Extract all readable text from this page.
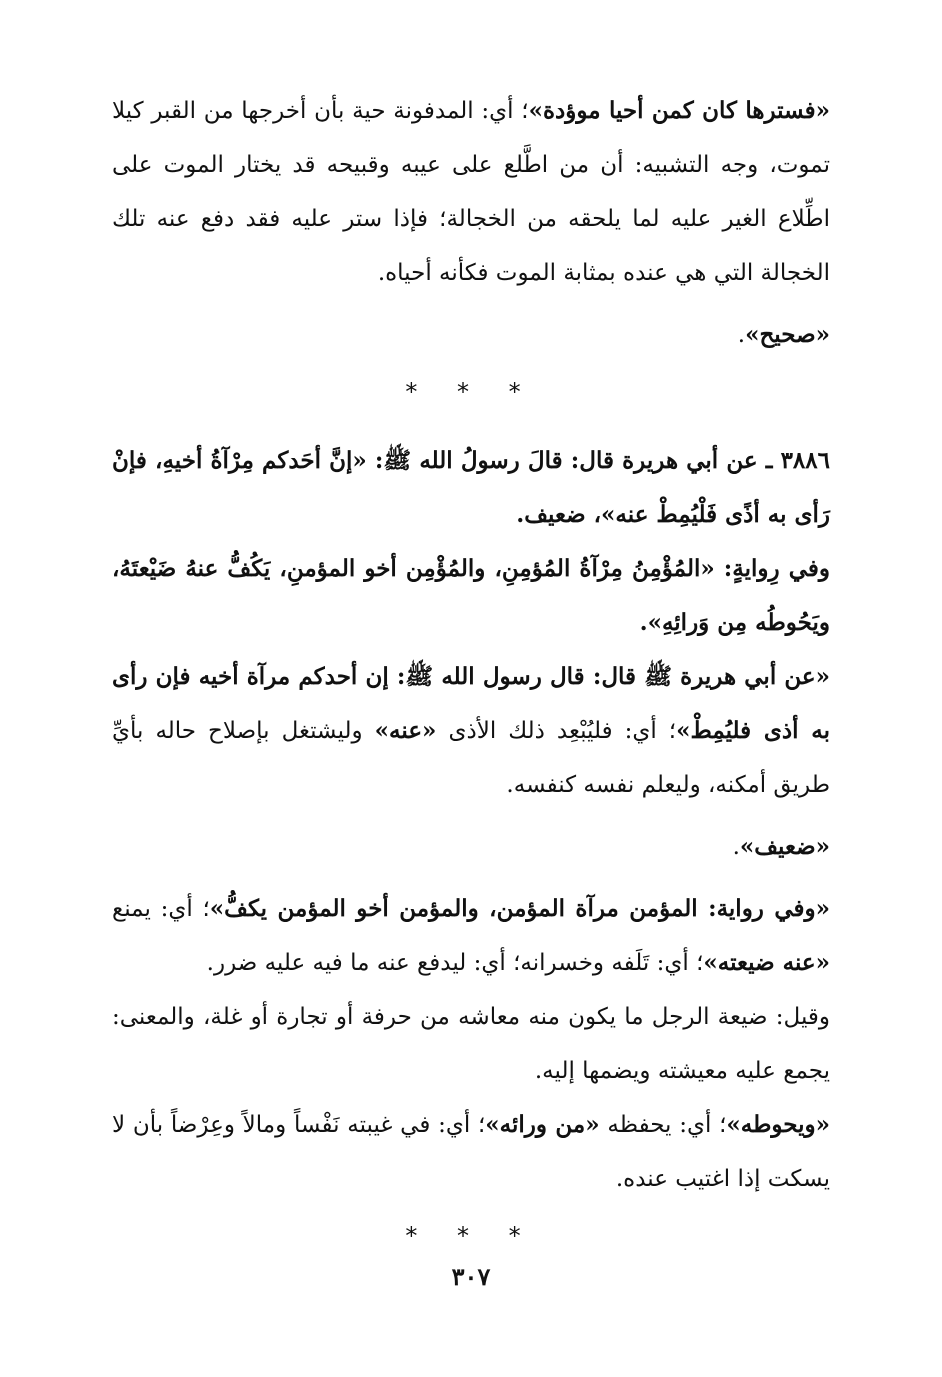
«فسترها كان كمن أحيا موؤدة»؛ أي: المدفونة حية بأن أخرجها من القبر كيلا تموت، وجه التشبيه: أن من اطَّلع على عيبه وقبيحه قد يختار الموت على اطِّلاع الغير عليه لما يلحقه من الخجالة؛ فإذا ستر عليه فقد دفع عنه تلك الخجالة التي هي عنده بمثابة الموت فكأنه أحياه.

«صحيح».

* * *

٣٨٨٦ ـ عن أبي هريرة قال: قالَ رسولُ الله ﷺ: «إنَّ أحَدكم مِرْآةُ أخيهِ، فإنْ رَأى به أذًى فَلْيُمِطْ عنه»، ضعيف.

وفي رِوايةٍ: «المُؤْمِنُ مِرْآةُ المُؤمِنِ، والمُؤْمِن أخو المؤمنِ، يَكُفُّ عنهُ ضَيْعتَهُ، ويَحُوطُه مِن وَرائِهِ».

«عن أبي هريرة ﷺ قال: قال رسول الله ﷺ: إن أحدكم مرآة أخيه فإن رأى به أذى فليُمِطْ»؛ أي: فليُبْعِد ذلك الأذى «عنه» وليشتغل بإصلاح حاله بأيِّ طريق أمكنه، وليعلم نفسه كنفسه.

«ضعيف».

«وفي رواية: المؤمن مرآة المؤمن، والمؤمن أخو المؤمن يكفُّ»؛ أي: يمنع «عنه ضيعته»؛ أي: تَلَفه وخسرانه؛ أي: ليدفع عنه ما فيه عليه ضرر.

وقيل: ضيعة الرجل ما يكون منه معاشه من حرفة أو تجارة أو غلة، والمعنى: يجمع عليه معيشته ويضمها إليه.

«ويحوطه»؛ أي: يحفظه «من ورائه»؛ أي: في غيبته نَفْساً ومالاً وعِرْضاً بأن لا يسكت إذا اغتيب عنده.

* * *
٣٠٧
